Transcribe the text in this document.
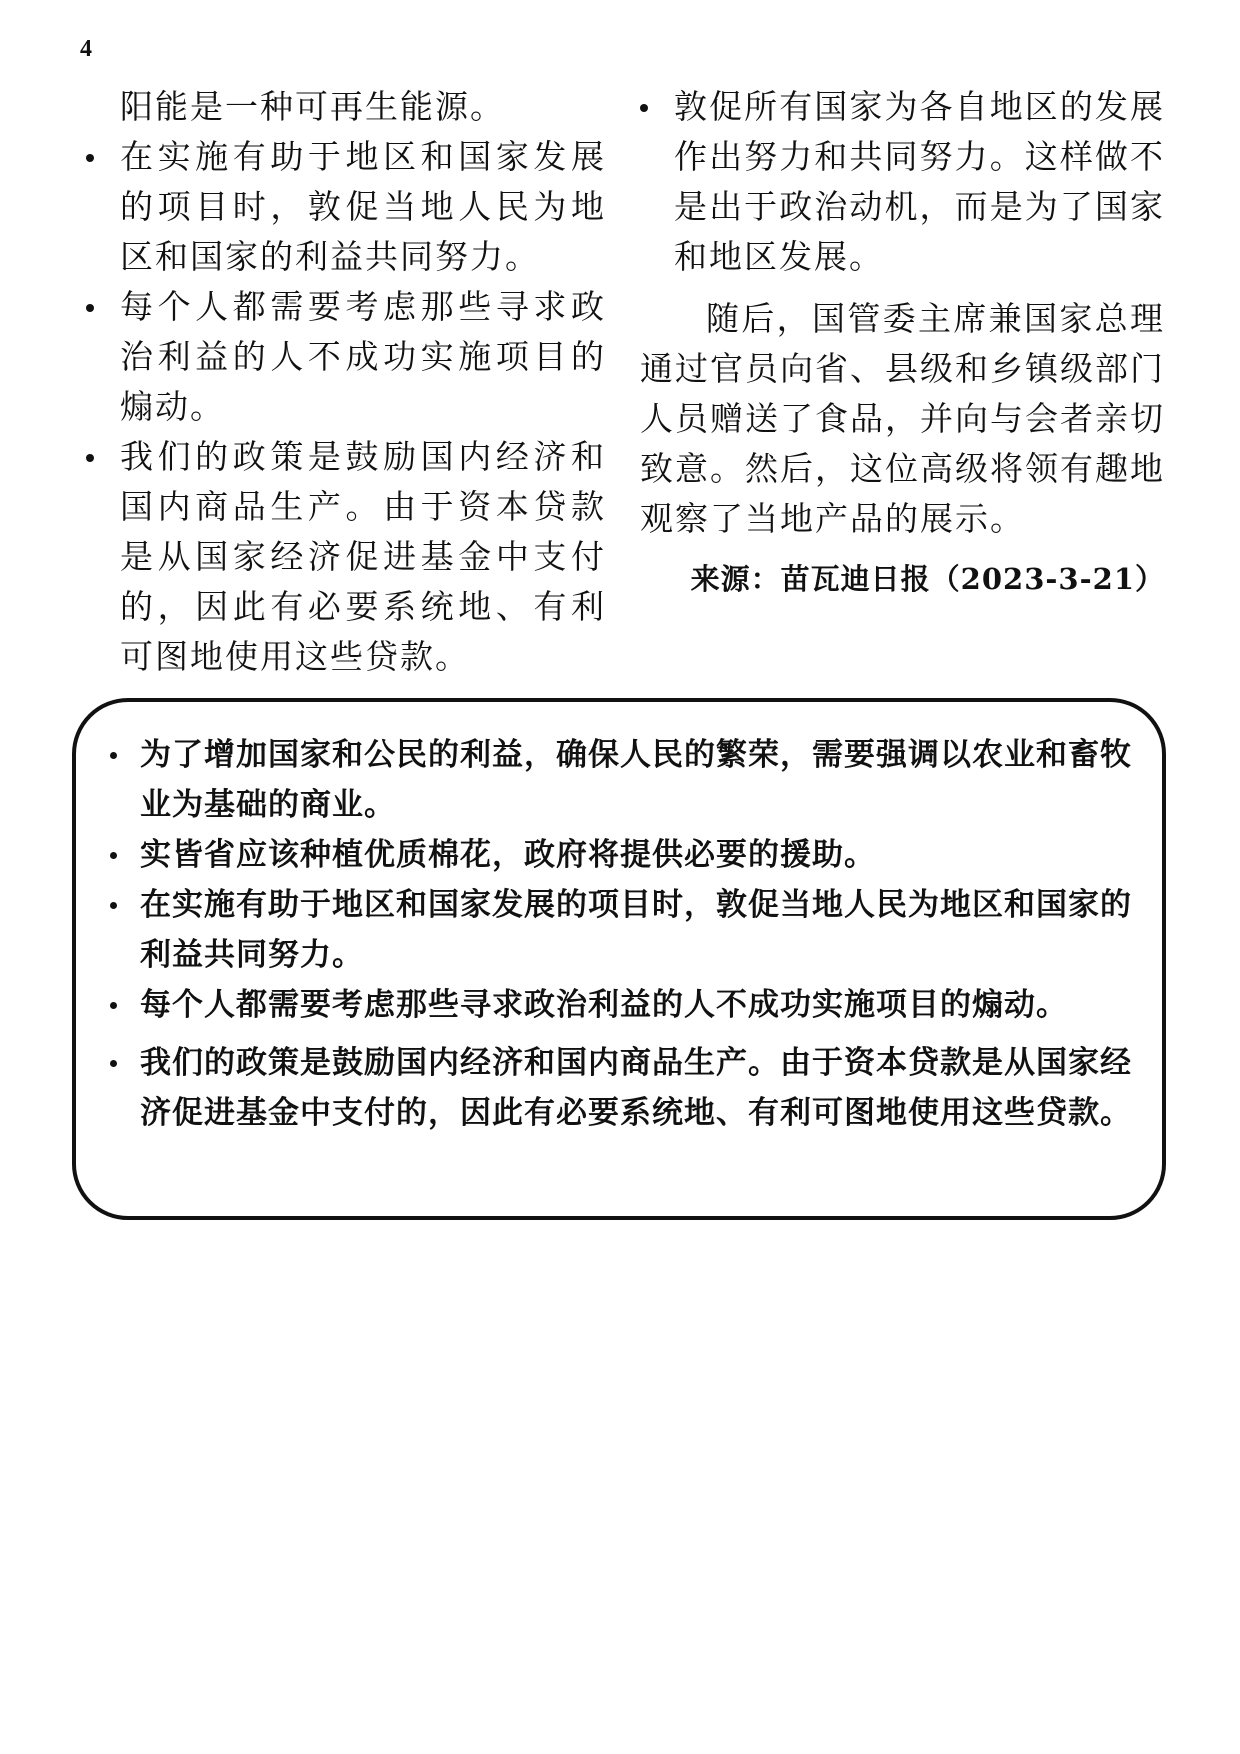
4

阳能是一种可再生能源。

在实施有助于地区和国家发展的项目时，敦促当地人民为地区和国家的利益共同努力。
每个人都需要考虑那些寻求政治利益的人不成功实施项目的煽动。
我们的政策是鼓励国内经济和国内商品生产。由于资本贷款是从国家经济促进基金中支付的，因此有必要系统地、有利可图地使用这些贷款。
敦促所有国家为各自地区的发展作出努力和共同努力。这样做不是出于政治动机，而是为了国家和地区发展。

随后，国管委主席兼国家总理通过官员向省、县级和乡镇级部门人员赠送了食品，并向与会者亲切致意。然后，这位高级将领有趣地观察了当地产品的展示。

来源：苗瓦迪日报（2023-3-21）
为了增加国家和公民的利益，确保人民的繁荣，需要强调以农业和畜牧业为基础的商业。
实皆省应该种植优质棉花，政府将提供必要的援助。
在实施有助于地区和国家发展的项目时，敦促当地人民为地区和国家的利益共同努力。
每个人都需要考虑那些寻求政治利益的人不成功实施项目的煽动。
我们的政策是鼓励国内经济和国内商品生产。由于资本贷款是从国家经济促进基金中支付的，因此有必要系统地、有利可图地使用这些贷款。
